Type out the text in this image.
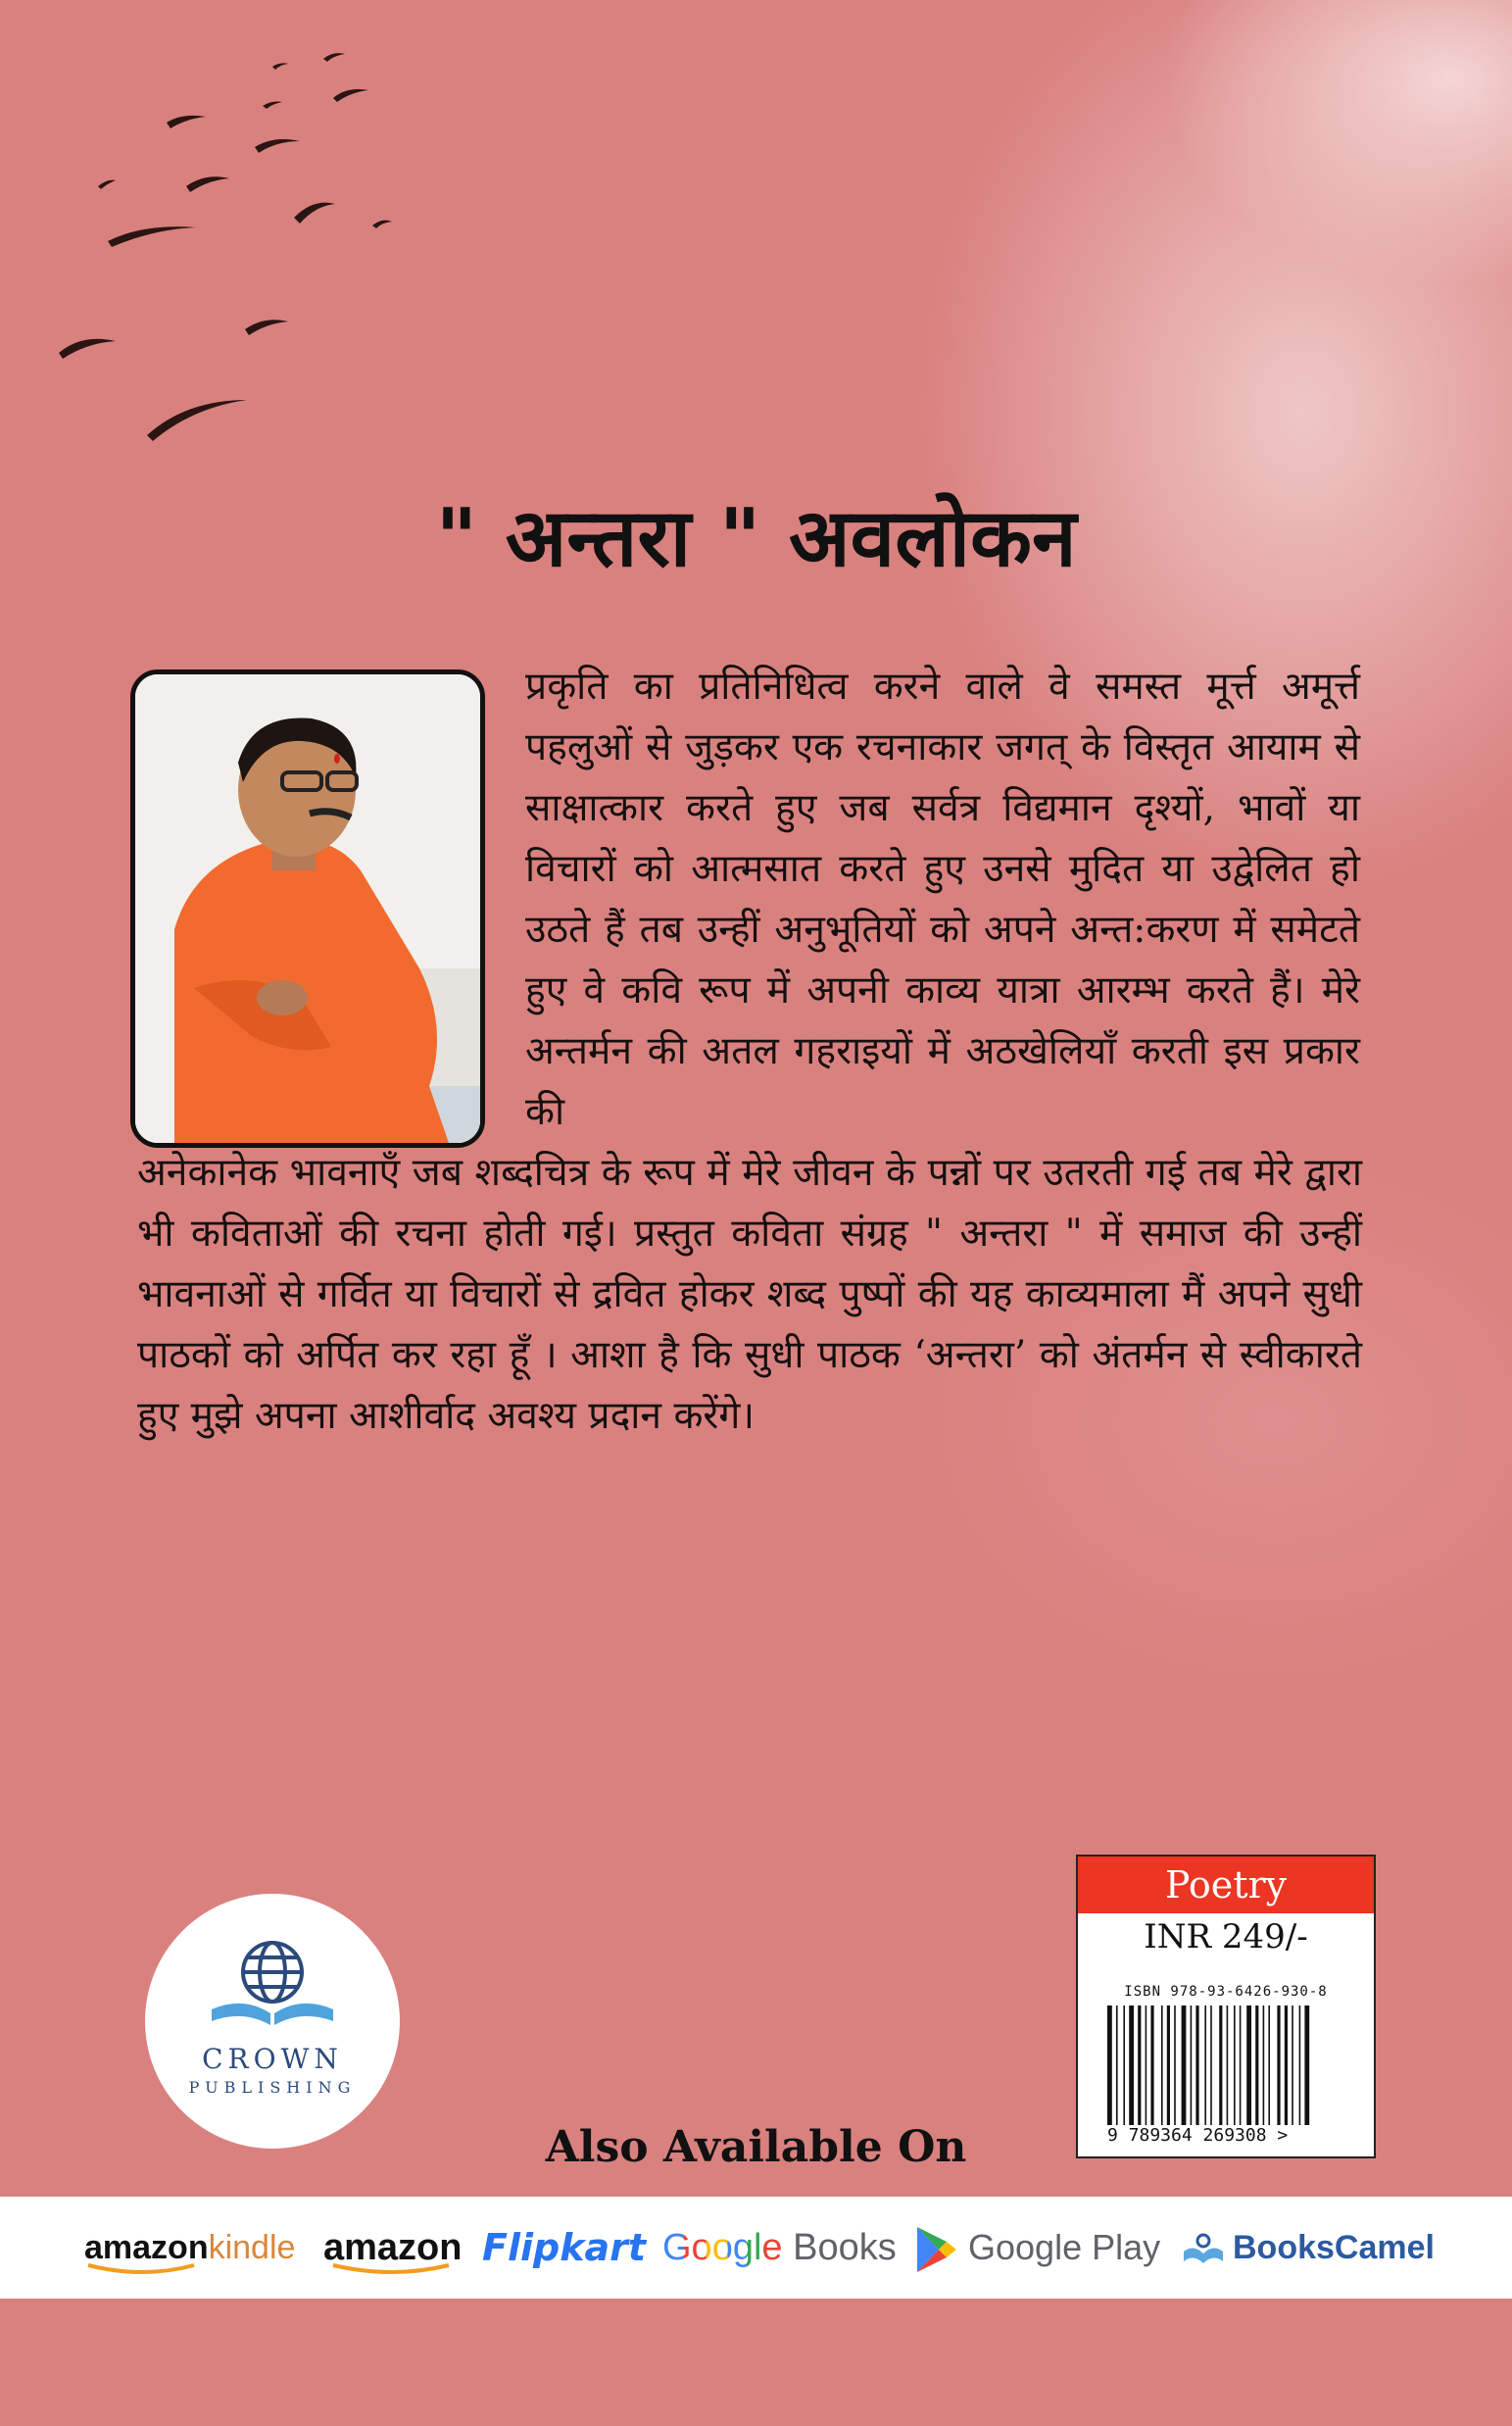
" अन्तरा " अवलोकन
प्रकृति का प्रतिनिधित्व करने वाले वे समस्त मूर्त्त अमूर्त्त पहलुओं से जुड़कर एक रचनाकार जगत् के विस्तृत आयाम से साक्षात्कार करते हुए जब सर्वत्र विद्यमान दृश्यों, भावों या विचारों को आत्मसात करते हुए उनसे मुदित या उद्वेलित हो उठते हैं तब उन्हीं अनुभूतियों को अपने अन्त:करण में समेटते हुए वे कवि रूप में अपनी काव्य यात्रा आरम्भ करते हैं। मेरे अन्तर्मन की अतल गहराइयों में अठखेलियाँ करती इस प्रकार की
अनेकानेक भावनाएँ जब शब्दचित्र के रूप में मेरे जीवन के पन्नों पर उतरती गई तब मेरे द्वारा भी कविताओं की रचना होती गई। प्रस्तुत कविता संग्रह " अन्तरा " में समाज की उन्हीं भावनाओं से गर्वित या विचारों से द्रवित होकर शब्द पुष्पों की यह काव्यमाला मैं अपने सुधी पाठकों को अर्पित कर रहा हूँ । आशा है कि सुधी पाठक ‘अन्तरा’ को अंतर्मन से स्वीकारते हुए मुझे अपना आशीर्वाद अवश्य प्रदान करेंगे।
CROWN
PUBLISHING
Poetry
INR 249/-
ISBN 978-93-6426-930-8
9 789364 269308 >
Also Available On
amazonkindle amazon Flipkart Google Books	Google Play	BooksCamel
